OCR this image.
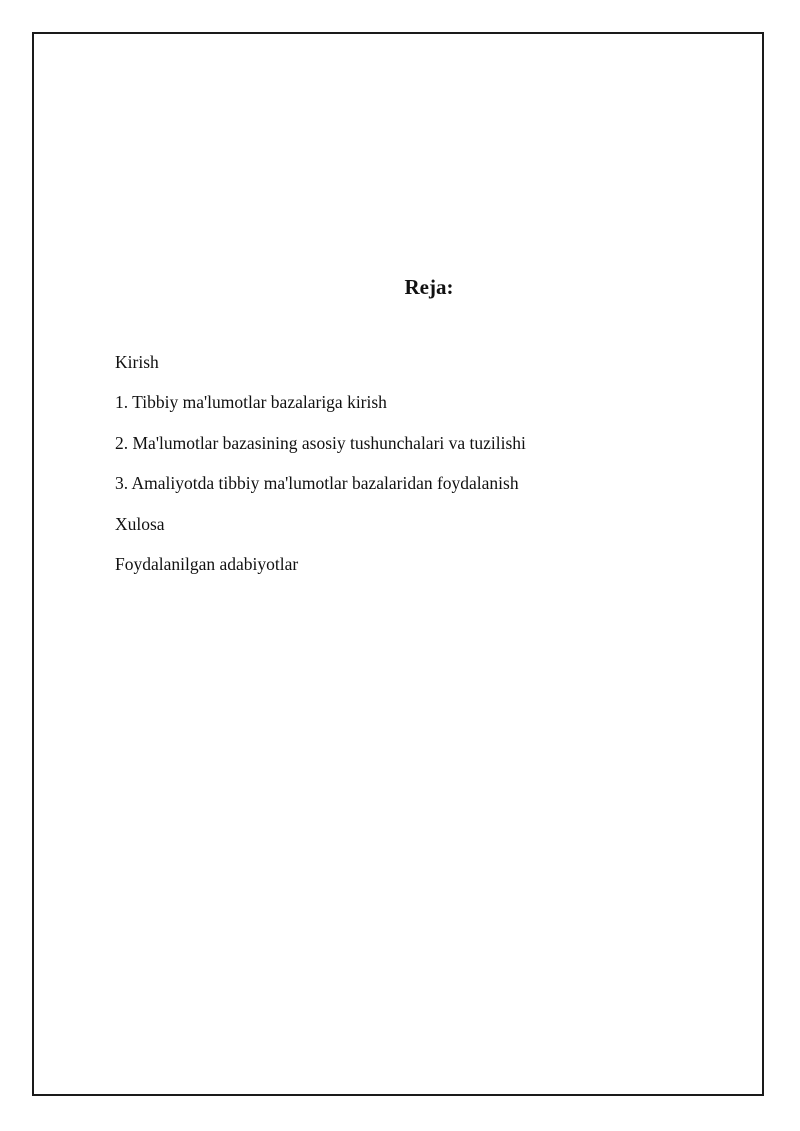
Reja:
Kirish
1. Tibbiy ma'lumotlar bazalariga kirish
2. Ma'lumotlar bazasining asosiy tushunchalari va tuzilishi
3. Amaliyotda tibbiy ma'lumotlar bazalaridan foydalanish
Xulosa
Foydalanilgan adabiyotlar
